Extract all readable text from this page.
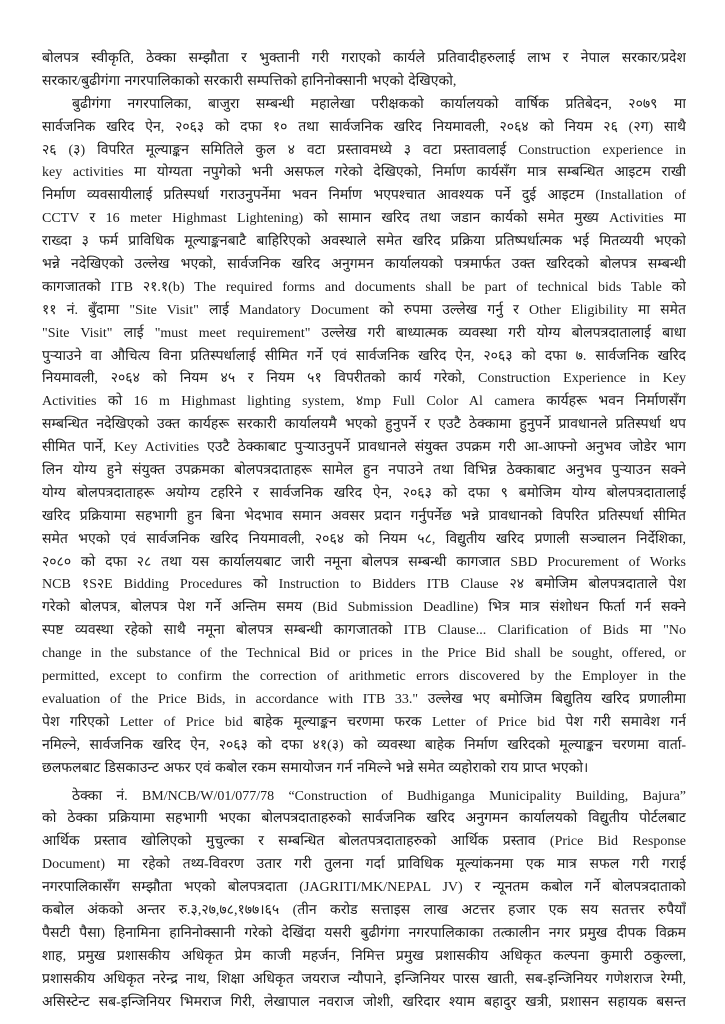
बोलपत्र स्वीकृति, ठेक्का सम्झौता र भुक्तानी गरी गराएको कार्यले प्रतिवादीहरुलाई लाभ र नेपाल सरकार/प्रदेश
सरकार/बुढीगंगा नगरपालिकाको सरकारी सम्पत्तिको हानिनोक्सानी भएको देखिएको,
बुढीगंगा नगरपालिका, बाजुरा सम्बन्धी महालेखा परीक्षकको कार्यालयको वार्षिक प्रतिबेदन, २०७९ मा
सार्वजनिक खरिद ऐन, २०६३ को दफा १० तथा सार्वजनिक खरिद नियमावली, २०६४ को नियम २६ (२ग) साथै
२६ (३) विपरित मूल्याङ्कन समितिले कुल ४ वटा प्रस्तावमध्ये ३ वटा प्रस्तावलाई Construction experience in
key activities मा योग्यता नपुगेको भनी असफल गरेको देखिएको, निर्माण कार्यसँग मात्र सम्बन्धित आइटम राखी
निर्माण व्यवसायीलाई प्रतिस्पर्धा गराउनुपर्नेमा भवन निर्माण भएपश्चात आवश्यक पर्ने दुई आइटम (Installation of
CCTV र 16 meter Highmast Lightening) को सामान खरिद तथा जडान कार्यको समेत मुख्य Activities मा
राख्दा ३ फर्म प्राविधिक मूल्याङ्कनबाटै बाहिरिएको अवस्थाले समेत खरिद प्रक्रिया प्रतिष्पर्धात्मक भई मितव्ययी भएको
भन्ने नदेखिएको उल्लेख भएको, सार्वजनिक खरिद अनुगमन कार्यालयको पत्रमार्फत उक्त खरिदको बोलपत्र सम्बन्धी
कागजातको ITB २१.१(b) The required forms and documents shall be part of technical bids Table को
११ नं. बुँदामा "Site Visit" लाई Mandatory Document को रुपमा उल्लेख गर्नु र Other Eligibility मा समेत
"Site Visit" लाई "must meet requirement" उल्लेख गरी बाध्यात्मक व्यवस्था गरी योग्य बोलपत्रदातालाई बाधा
पुऱ्याउने वा औचित्य विना प्रतिस्पर्धालाई सीमित गर्ने एवं सार्वजनिक खरिद ऐन, २०६३ को दफा ७. सार्वजनिक खरिद
नियमावली, २०६४ को नियम ४५ र नियम ५१ विपरीतको कार्य गरेको, Construction Experience in Key
Activities को 16 m Highmast lighting system, ४mp Full Color Al camera कार्यहरू भवन निर्माणसँग
सम्बन्धित नदेखिएको उक्त कार्यहरू सरकारी कार्यालयमै भएको हुनुपर्ने र एउटै ठेक्कामा हुनुपर्ने प्रावधानले प्रतिस्पर्धा थप
सीमित पार्ने, Key Activities एउटै ठेक्काबाट पुऱ्याउनुपर्ने प्रावधानले संयुक्त उपक्रम गरी आ-आफ्नो अनुभव जोडेर भाग
लिन योग्य हुने संयुक्त उपक्रमका बोलपत्रदाताहरू सामेल हुन नपाउने तथा विभिन्न ठेक्काबाट अनुभव पुऱ्याउन सक्ने
योग्य बोलपत्रदाताहरू अयोग्य टहरिने र सार्वजनिक खरिद ऐन, २०६३ को दफा ९ बमोजिम योग्य बोलपत्रदातालाई
खरिद प्रक्रियामा सहभागी हुन बिना भेदभाव समान अवसर प्रदान गर्नुपर्नेछ भन्ने प्रावधानको विपरित प्रतिस्पर्धा सीमित
समेत भएको एवं सार्वजनिक खरिद नियमावली, २०६४ को नियम ५८, विद्युतीय खरिद प्रणाली सञ्चालन निर्देशिका,
२०८० को दफा २८ तथा यस कार्यालयबाट जारी नमूना बोलपत्र सम्बन्धी कागजात SBD Procurement of Works
NCB १S२E Bidding Procedures को Instruction to Bidders ITB Clause २४ बमोजिम बोलपत्रदाताले पेश
गरेको बोलपत्र, बोलपत्र पेश गर्ने अन्तिम समय (Bid Submission Deadline) भित्र मात्र संशोधन फिर्ता गर्न सक्ने
स्पष्ट व्यवस्था रहेको साथै नमूना बोलपत्र सम्बन्धी कागजातको ITB Clause... Clarification of Bids मा "No
change in the substance of the Technical Bid or prices in the Price Bid shall be sought, offered, or
permitted, except to confirm the correction of arithmetic errors discovered by the Employer in the
evaluation of the Price Bids, in accordance with ITB 33." उल्लेख भए बमोजिम बिद्युतिय खरिद प्रणालीमा
पेश गरिएको Letter of Price bid बाहेक मूल्याङ्कन चरणमा फरक Letter of Price bid पेश गरी समावेश गर्न
नमिल्ने, सार्वजनिक खरिद ऐन, २०६३ को दफा ४१(३) को व्यवस्था बाहेक निर्माण खरिदको मूल्याङ्कन चरणमा वार्ता-
छलफलबाट डिसकाउन्ट अफर एवं कबोल रकम समायोजन गर्न नमिल्ने भन्ने समेत व्यहोराको राय प्राप्त भएको।
ठेक्का नं. BM/NCB/W/01/077/78 “Construction of Budhiganga Municipality Building, Bajura”
को ठेक्का प्रक्रियामा सहभागी भएका बोलपत्रदाताहरुको सार्वजनिक खरिद अनुगमन कार्यालयको विद्युतीय पोर्टलबाट
आर्थिक प्रस्ताव खोलिएको मुचुल्का र सम्बन्धित बोलतपत्रदाताहरुको आर्थिक प्रस्ताव (Price Bid Response
Document) मा रहेको तथ्य-विवरण उतार गरी तुलना गर्दा प्राविधिक मूल्यांकनमा एक मात्र सफल गरी गराई
नगरपालिकासँग सम्झौता भएको बोलपत्रदाता (JAGRITI/MK/NEPAL JV) र न्यूनतम कबोल गर्ने बोलपत्रदाताको
कबोल अंकको अन्तर रु.३,२७,७८,१७७।६५ (तीन करोड सत्ताइस लाख अटत्तर हजार एक सय सतत्तर रुपैयाँ
पैसटी पैसा) हिनामिना हानिनोक्सानी गरेको देखिंदा यसरी बुढीगंगा नगरपालिकाका तत्कालीन नगर प्रमुख दीपक विक्रम
शाह, प्रमुख प्रशासकीय अधिकृत प्रेम काजी महर्जन, निमित्त प्रमुख प्रशासकीय अधिकृत कल्पना कुमारी ठकुल्ला,
प्रशासकीय अधिकृत नरेन्द्र नाथ, शिक्षा अधिकृत जयराज न्यौपाने, इन्जिनियर पारस खाती, सब-इन्जिनियर गणेशराज रेग्मी,
असिस्टेन्ट सब-इन्जिनियर भिमराज गिरी, लेखापाल नवराज जोशी, खरिदार श्याम बहादुर खत्री, प्रशासन सहायक बसन्त
